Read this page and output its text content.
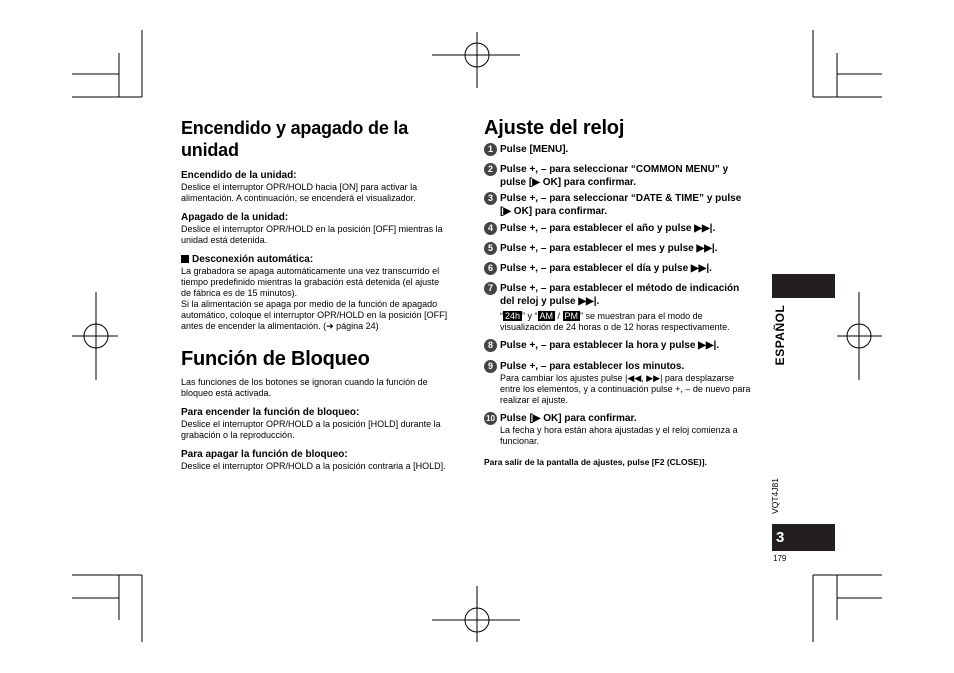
Encendido y apagado de la unidad

Encendido de la unidad:

Deslice el interruptor OPR/HOLD hacia [ON] para activar la

alimentación. A continuación, se encenderá el visualizador.

Apagado de la unidad:

Deslice el interruptor OPR/HOLD en la posición [OFF] mientras la

unidad está detenida.

Desconexión automática:

La grabadora se apaga automáticamente una vez transcurrido el

tiempo predefinido mientras la grabación está detenida (el ajuste

de fábrica es de 15 minutos).

Si la alimentación se apaga por medio de la función de apagado

automático, coloque el interruptor OPR/HOLD en la posición [OFF]

antes de encender la alimentación. (➜ página 24)

Función de Bloqueo

Las funciones de los botones se ignoran cuando la función de

bloqueo está activada.

Para encender la función de bloqueo:

Deslice el interruptor OPR/HOLD a la posición [HOLD] durante la

grabación o la reproducción.

Para apagar la función de bloqueo:

Deslice el interruptor OPR/HOLD a la posición contraria a [HOLD].

Ajuste del reloj
1 Pulse [MENU].

2 Pulse +, – para seleccionar “COMMON MENU” y

pulse [▶ OK] para confirmar.

3 Pulse +, – para seleccionar “DATE & TIME” y pulse

[▶ OK] para confirmar.

4 Pulse +, – para establecer el año y pulse ▶▶|.

5 Pulse +, – para establecer el mes y pulse ▶▶|.

6 Pulse +, – para establecer el día y pulse ▶▶|.

7 Pulse +, – para establecer el método de indicación

del reloj y pulse ▶▶|.

“ 24h ” y “ AM / PM ” se muestran para el modo de

visualización de 24 horas o de 12 horas respectivamente.

8 Pulse +, – para establecer la hora y pulse ▶▶|.

9 Pulse +, – para establecer los minutos.

Para cambiar los ajustes pulse |◀◀, ▶▶| para desplazarse

entre los elementos, y a continuación pulse +, – de nuevo para

realizar el ajuste.

10 Pulse [▶ OK] para confirmar.

La fecha y hora están ahora ajustadas y el reloj comienza a

funcionar.

Para salir de la pantalla de ajustes, pulse [F2 (CLOSE)].

ESPAÑOL
VQT4J81
3
179
